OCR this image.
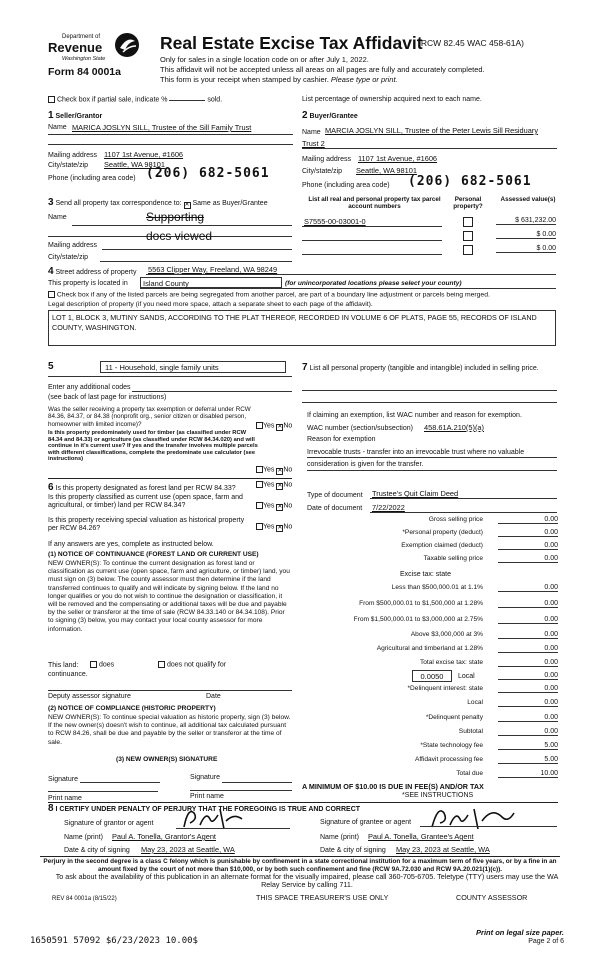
Department of
Revenue
Washington State
Form 84 0001a
Real Estate Excise Tax Affidavit
(RCW 82.45 WAC 458-61A)
Only for sales in a single location code on or after July 1, 2022.
This affidavit will not be accepted unless all areas on all pages are fully and accurately completed.
This form is your receipt when stamped by cashier. Please type or print.
Check box if partial sale, indicate %	sold.	List percentage of ownership acquired next to each name.
1 Seller/Grantor
Name MARICA JOSLYN SILL, Trustee of the Sill Family Trust
Mailing address 1107 1st Avenue, #1606
City/state/zip Seattle, WA 98101
Phone (including area code) (206) 682-5061
2 Buyer/Grantee
Name MARCIA JOSLYN SILL, Trustee of the Peter Lewis Sill Residuary
Trust 2
Mailing address 1107 1st Avenue, #1606
City/state/zip Seattle, WA 98101
Phone (including area code) (206) 682-5061
3 Send all property tax correspondence to: ✕ Same as Buyer/Grantee
Name	Supporting
Mailing address
docs viewed
City/state/zip
List all real and personal property tax parcel account numbers
Personal property?
Assessed value(s)
S7555-00-03001-0	$ 631,232.00
$ 0.00
$ 0.00
4 Street address of property 5563 Clipper Way, Freeland, WA 98249
This property is located in	Island County	(for unincorporated locations please select your county)
Check box if any of the listed parcels are being segregated from another parcel, are part of a boundary line adjustment or parcels being merged.
Legal description of property (if you need more space, attach a separate sheet to each page of the affidavit).
LOT 1, BLOCK 3, MUTINY SANDS, ACCORDING TO THE PLAT THEREOF, RECORDED IN VOLUME 6 OF PLATS, PAGE 55, RECORDS OF ISLAND COUNTY, WASHINGTON.
5	11 - Household, single family units
Enter any additional codes
(see back of last page for instructions)
Was the seller receiving a property tax exemption or deferral under RCW 84.36, 84.37, or 84.38 (nonprofit org., senior citizen or disabled person, homeowner with limited income)?	Yes ✕No
Is this property predominately used for timber (as classified under RCW 84.34 and 84.33) or agriculture (as classified under RCW 84.34.020) and will continue in it's current use? If yes and the transfer involves multiple parcels with different classifications, complete the predominate use calculator (see instructions)
Yes ✕No
6 Is this property designated as forest land per RCW 84.33?
Yes ✕No
Is this property classified as current use (open space, farm and agricultural, or timber) land per RCW 84.34?	Yes ✕No
Is this property receiving special valuation as historical property per RCW 84.26?	Yes ✕No
If any answers are yes, complete as instructed below.
(1) NOTICE OF CONTINUANCE (FOREST LAND OR CURRENT USE)
NEW OWNER(S): To continue the current designation as forest land or classification as current use (open space, farm and agriculture, or timber) land, you must sign on (3) below. The county assessor must then determine if the land transferred continues to qualify and will indicate by signing below. If the land no longer qualifies or you do not wish to continue the designation or classification, it will be removed and the compensating or additional taxes will be due and payable by the seller or transferor at the time of sale (RCW 84.33.140 or 84.34.108). Prior to signing (3) below, you may contact your local county assessor for more information.
This land:	does	does not qualify for
continuance.
Deputy assessor signature	Date
(2) NOTICE OF COMPLIANCE (HISTORIC PROPERTY)
NEW OWNER(S): To continue special valuation as historic property, sign (3) below. If the new owner(s) doesn't wish to continue, all additional tax calculated pursuant to RCW 84.26, shall be due and payable by the seller or transferor at the time of sale.
(3) NEW OWNER(S) SIGNATURE
Signature	Signature
Print name	Print name
7 List all personal property (tangible and intangible) included in selling price.
If claiming an exemption, list WAC number and reason for exemption.
WAC number (section/subsection) 458.61A.210(5)(a)
Reason for exemption
Irrevocable trusts - transfer into an irrevocable trust where no valuable consideration is given for the transfer.
Type of document Trustee's Quit Claim Deed
Date of document 7/22/2022
Gross selling price	0.00
*Personal property (deduct)	0.00
Exemption claimed (deduct)	0.00
Taxable selling price	0.00
Excise tax: state
Less than $500,000.01 at 1.1%	0.00
From $500,000.01 to $1,500,000 at 1.28%	0.00
From $1,500,000.01 to $3,000,000 at 2.75%	0.00
Above $3,000,000 at 3%	0.00
Agricultural and timberland at 1.28%	0.00
Total excise tax: state	0.00
0.0050	Local	0.00
*Delinquent interest: state	0.00
Local	0.00
*Delinquent penalty	0.00
Subtotal	0.00
*State technology fee	5.00
Affidavit processing fee	5.00
Total due	10.00
A MINIMUM OF $10.00 IS DUE IN FEE(S) AND/OR TAX
*SEE INSTRUCTIONS
8 I CERTIFY UNDER PENALTY OF PERJURY THAT THE FOREGOING IS TRUE AND CORRECT
Signature of grantor or agent
Name (print) Paul A. Tonella, Grantor's Agent
Date & city of signing May 23, 2023 at Seattle, WA
Signature of grantee or agent
Name (print) Paul A. Tonella, Grantee's Agent
Date & city of signing May 23, 2023 at Seattle, WA
Perjury in the second degree is a class C felony which is punishable by confinement in a state correctional institution for a maximum term of five years, or by a fine in an amount fixed by the court of not more than $10,000, or by both such confinement and fine (RCW 9A.72.030 and RCW 9A.20.021(1)(c)).
To ask about the availability of this publication in an alternate format for the visually impaired, please call 360-705-6705. Teletype (TTY) users may use the WA Relay Service by calling 711.
REV 84 0001a (8/15/22)	THIS SPACE TREASURER'S USE ONLY	COUNTY ASSESSOR
1650591 57092 $6/23/2023 10.00$
Print on legal size paper.
Page 2 of 6
